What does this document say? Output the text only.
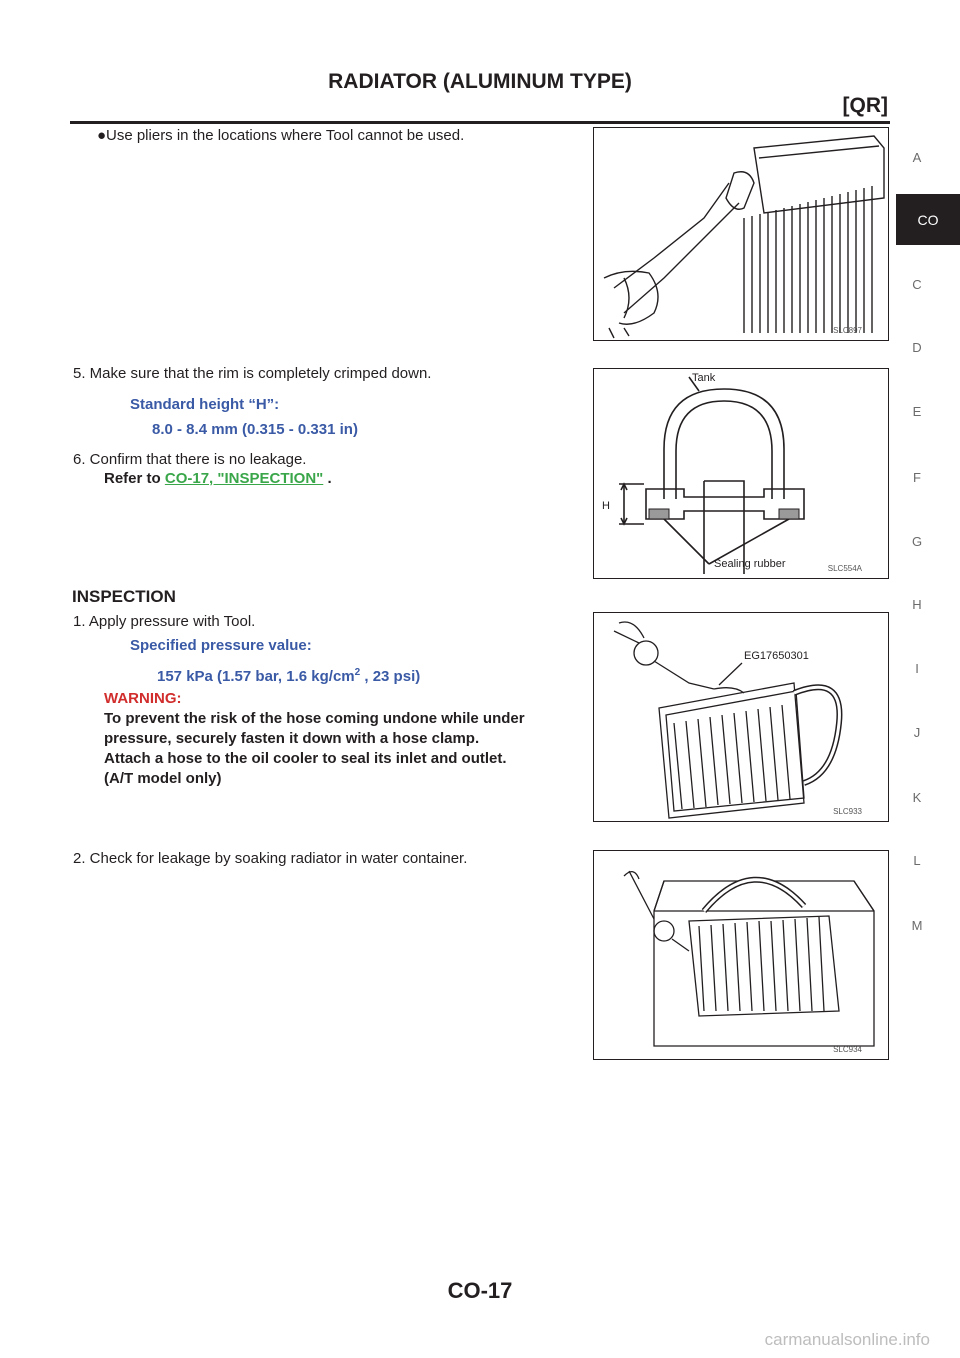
RADIATOR (ALUMINUM TYPE)
[QR]
A
CO
C
D
E
F
G
H
I
J
K
L
M
● Use pliers in the locations where Tool cannot be used.
5. Make sure that the rim is completely crimped down.
Standard height “H”:
8.0 - 8.4 mm (0.315 - 0.331 in)
6. Confirm that there is no leakage.
Refer to CO-17, "INSPECTION" .
INSPECTION
1. Apply pressure with Tool.
Specified pressure value:
157 kPa (1.57 bar, 1.6 $kg/cm^2$ , 23 psi)
WARNING:
To prevent the risk of the hose coming undone while under
pressure, securely fasten it down with a hose clamp.
Attach a hose to the oil cooler to seal its inlet and outlet.
(A/T model only)
2. Check for leakage by soaking radiator in water container.
SLC897
Tank
H
Sealing rubber	SLC554A
EG17650301
SLC933
SLC934
CO-17
carmanualsonline.info
